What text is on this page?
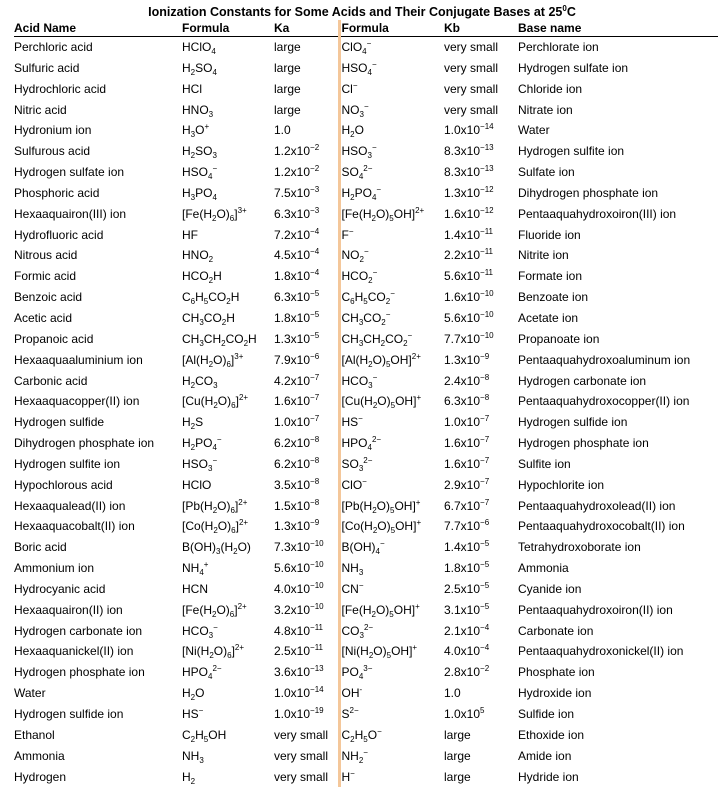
Ionization Constants for Some Acids and Their Conjugate Bases at $25^0C$
Acid Name	Formula	Ka	Formula	Kb	Base name
Perchloric acid	HClO$_4$	large	ClO$_4$−	very small	Perchlorate ion
Sulfuric acid	$H_2SO_4$	large	$HSO_4^-$	very small	Hydrogen sulfate ion
Hydrochloric acid	HCl	large	Cl−	very small	Chloride ion
Nitric acid	$HNO_3$	large	$NO_3^-$	very small	Nitrate ion
Hydronium ion	$H_3O^+$	1.0	$H_2O$	$1.0x10^{-14}$	Water
Sulfurous acid	$H_2SO_3$	$1.2x10^{-2}$	$HSO_3^-$	$8.3x10^{-13}$	Hydrogen sulfite ion
Hydrogen sulfate ion	$HSO_4^-$	$1.2x10^{-2}$	$SO_4^{2-}$	$8.3x10^{-13}$	Sulfate ion
Phosphoric acid	$H_3PO_4$	$7.5x10^{-3}$	$H_2PO_4^-$	$1.3x10^{-12}$	Dihydrogen phosphate ion
Hexaaquairon(III) ion	$[Fe(H_2O)_6]^{3+}$	$6.3x10^{-3}$	$[Fe(H_2O)_5OH]^{2+}$	$1.6x10^{-12}$	Pentaaquahydroxoiron(III) ion
Hydrofluoric acid	HF	$7.2x10^{-4}$	F−	$1.4x10^{-11}$	Fluoride ion
Nitrous acid	$HNO_2$	$4.5x10^{-4}$	$NO_2^-$	$2.2x10^{-11}$	Nitrite ion
Formic acid	$HCO_2H$	$1.8x10^{-4}$	$HCO_2^-$	$5.6x10^{-11}$	Formate ion
Benzoic acid	$C_6H_5CO_2H$	$6.3x10^{-5}$	$C_6H_5CO_2^-$	$1.6x10^{-10}$	Benzoate ion
Acetic acid	$CH_3CO_2H$	$1.8x10^{-5}$	$CH_3CO_2^-$	$5.6x10^{-10}$	Acetate ion
Propanoic acid	$CH_3CH_2CO_2H$	$1.3x10^{-5}$	$CH_3CH_2CO_2^-$	$7.7x10^{-10}$	Propanoate ion
Hexaaquaaluminium ion	$[Al(H_2O)_6]^{3+}$	$7.9x10^{-6}$	$[Al(H_2O)_5OH]^{2+}$	$1.3x10^{-9}$	Pentaaquahydroxoaluminum ion
Carbonic acid	$H_2CO_3$	$4.2x10^{-7}$	$HCO_3^-$	$2.4x10^{-8}$	Hydrogen carbonate ion
Hexaaquacopper(II) ion	$[Cu(H_2O)_6]^{2+}$	$1.6x10^{-7}$	$[Cu(H_2O)_5OH]^+$	$6.3x10^{-8}$	Pentaaquahydroxocopper(II) ion
Hydrogen sulfide	$H_2S$	$1.0x10^{-7}$	HS−	$1.0x10^{-7}$	Hydrogen sulfide ion
Dihydrogen phosphate ion	$H_2PO_4^-$	$6.2x10^{-8}$	$HPO_4^{2-}$	$1.6x10^{-7}$	Hydrogen phosphate ion
Hydrogen sulfite ion	$HSO_3^-$	$6.2x10^{-8}$	$SO_3^{2-}$	$1.6x10^{-7}$	Sulfite ion
Hypochlorous acid	HClO	$3.5x10^{-8}$	ClO−	$2.9x10^{-7}$	Hypochlorite ion
Hexaaqualead(II) ion	$[Pb(H_2O)_6]^{2+}$	$1.5x10^{-8}$	$[Pb(H_2O)_5OH]^+$	$6.7x10^{-7}$	Pentaaquahydroxolead(II) ion
Hexaaquacobalt(II) ion	$[Co(H_2O)_6]^{2+}$	$1.3x10^{-9}$	$[Co(H_2O)_5OH]^+$	$7.7x10^{-6}$	Pentaaquahydroxocobalt(II) ion
Boric acid	$B(OH)_3(H_2O)$	$7.3x10^{-10}$	$B(OH)_4^-$	$1.4x10^{-5}$	Tetrahydroxoborate ion
Ammonium ion	$NH_4^+$	$5.6x10^{-10}$	$NH_3$	$1.8x10^{-5}$	Ammonia
Hydrocyanic acid	HCN	$4.0x10^{-10}$	CN−	$2.5x10^{-5}$	Cyanide ion
Hexaaquairon(II) ion	$[Fe(H_2O)_6]^{2+}$	$3.2x10^{-10}$	$[Fe(H_2O)_5OH]^+$	$3.1x10^{-5}$	Pentaaquahydroxoiron(II) ion
Hydrogen carbonate ion	$HCO_3^-$	$4.8x10^{-11}$	$CO_3^{2-}$	$2.1x10^{-4}$	Carbonate ion
Hexaaquanickel(II) ion	$[Ni(H_2O)_6]^{2+}$	$2.5x10^{-11}$	$[Ni(H_2O)_5OH]^+$	$4.0x10^{-4}$	Pentaaquahydroxonickel(II) ion
Hydrogen phosphate ion	$HPO_4^{2-}$	$3.6x10^{-13}$	$PO_4^{3-}$	$2.8x10^{-2}$	Phosphate ion
Water	$H_2O$	$1.0x10^{-14}$	OH-	1.0	Hydroxide ion
Hydrogen sulfide ion	HS−	$1.0x10^{-19}$	$S^{2-}$	$1.0x10^5$	Sulfide ion
Ethanol	$C_2H_5OH$	very small	$C_2H_5O^-$	large	Ethoxide ion
Ammonia	$NH_3$	very small	$NH_2^-$	large	Amide ion
Hydrogen	$H_2$	very small	H−	large	Hydride ion
